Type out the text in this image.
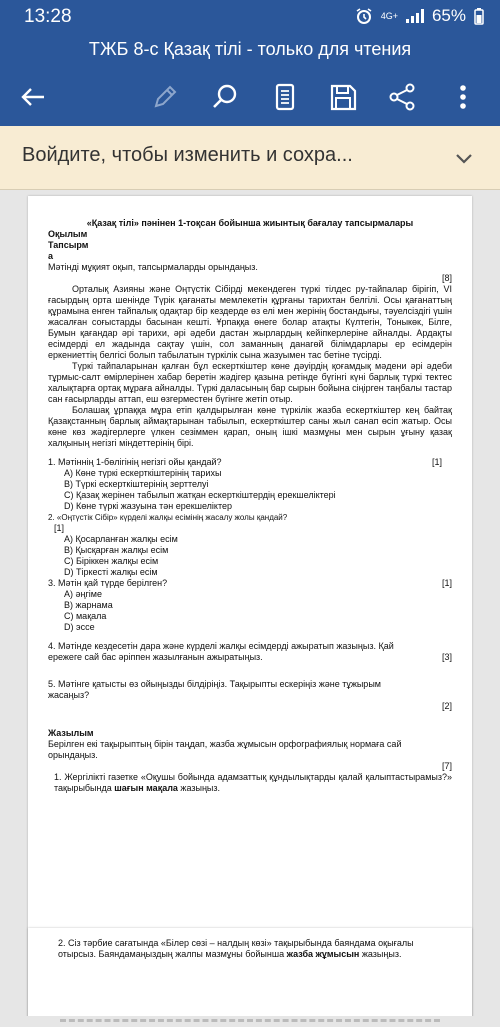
13:28	4G+ 65%
ТЖБ 8-с Қазақ тілі - только для чтения
Войдите, чтобы изменить и сохра...
«Қазақ тілі» пәнінен 1-тоқсан бойынша жиынтық бағалау тапсырмалары
Оқылым
Тапсырм
а
Мәтінді мұқият оқып, тапсырмаларды орындаңыз.
[8]

Орталық Азияны және Оңтүстік Сібірді мекендеген түркі тілдес ру-тайпалар бірігіп, VI ғасырдың орта шенінде Түрік қағанаты мемлекетін құрғаны тарихтан белгілі. Осы қағанаттың құрамына енген тайпалық одақтар бір кездерде өз елі мен жерінің бостандығы, тәуелсіздігі үшін жасалған соғыстарды басынан кешті. Ұрпаққа өнеге болар атақты Күлтегін, Тоныкөк, Білге, Бумын қағандар әрі тарихи, әрі әдеби дастан жырлардың кейіпкерлеріне айналды. Ардақты есімдерді ел жадында сақтау үшін, сол заманның данагөй білімдарлары ер есімдерін еркениеттің белгісі болып табылатын түркілік сына жазуымен тас бетіне түсірді.

Түркі тайпаларынан қалған бұл ескерткіштер көне дәуірдің қоғамдық мәдени әрі әдеби тұрмыс-салт өмірлерінен хабар беретін жәдігер қазына ретінде бүгінгі күні барлық түркі тектес халықтарға ортақ мұраға айналды. Түркі даласының бар сырын бойына сіңірген таңбалы тастар сан ғасырларды аттап, еш өзгермеcтен бүгінге жетіп отыр.

Болашақ ұрпаққа мұра етіп қалдырылған көне түркілік жазба ескерткіштер кең байтақ Қазақстанның барлық аймақтарынан табылып, ескерткіштер саны жыл санап өсіп жатыр. Осы көне көз жәдігерлерге үлкен сезіммен қарап, оның ішкі мазмұны мен сырын ұғыну қазақ халқының негізгі міндеттерінің бірі.

1. Мәтіннің 1-бөлігінің негізгі ойы қандай?	[1]
A) Көне түркі ескерткіштерінің тарихы
B) Түркі ескерткіштерінің зерттелуі
C) Қазақ жерінен табылып жатқан ескерткіштердің ерекшеліктері
D) Көне түркі жазуына тән ерекшеліктер
2. «Оңтүстік Сібір» күрделі жалқы есімінің жасалу жолы қандай?
[1]
A) Қосарланған жалқы есім
B) Қысқарған жалқы есім
C) Біріккен жалқы есім
D) Тіркесті жалқы есім
3. Мәтін қай түрде берілген?	[1]
A) әңгіме
B) жарнама
C) мақала
D) эссе
4. Мәтінде кездесетін дара және күрделі жалқы есімдерді ажыратып жазыңыз. Қай ережеге сай бас әріппен жазылғанын ажыратыңыз.	[3]
5. Мәтінге қатысты өз ойыңызды білдіріңіз. Тақырыпты ескеріңіз және тұжырым жасаңыз?
[2]
Жазылым
Берілген екі тақырыптың бірін таңдап, жазба жұмысын орфографиялық нормаға сай орындаңыз.
[7]

1. Жергілікті газетке «Оқушы бойында адамзаттық құндылықтарды қалай қалыптастырамыз?» тақырыбында шағын мақала жазыңыз.

2. Сіз тәрбие сағатында «Білер сөзі – налдың көзі» тақырыбында баяндама оқығалы отырсыз. Баяндамаңыздың жалпы мазмұны бойынша жазба жұмысын жазыңыз.
